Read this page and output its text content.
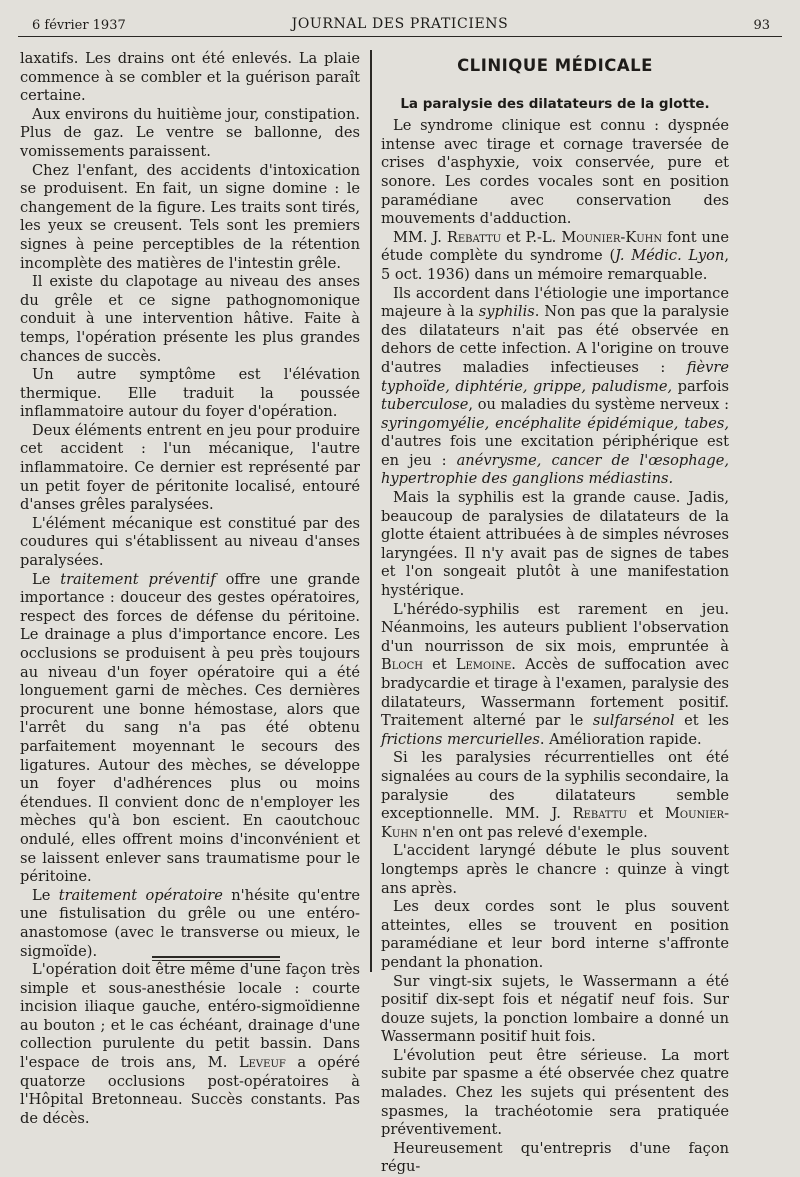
6 février 1937	JOURNAL DES PRATICIENS	93

laxatifs. Les drains ont été enlevés. La plaie commence à se combler et la guérison paraît certaine.

Aux environs du huitième jour, constipation. Plus de gaz. Le ventre se ballonne, des vomissements paraissent.

Chez l'enfant, des accidents d'intoxication se produisent. En fait, un signe domine : le changement de la figure. Les traits sont tirés, les yeux se creusent. Tels sont les premiers signes à peine perceptibles de la rétention incomplète des matières de l'intestin grêle.

Il existe du clapotage au niveau des anses du grêle et ce signe pathognomonique conduit à une intervention hâtive. Faite à temps, l'opération présente les plus grandes chances de succès.

Un autre symptôme est l'élévation thermique. Elle traduit la poussée inflammatoire autour du foyer d'opération.

Deux éléments entrent en jeu pour produire cet accident : l'un mécanique, l'autre inflammatoire. Ce dernier est représenté par un petit foyer de péritonite localisé, entouré d'anses grêles paralysées.

L'élément mécanique est constitué par des coudures qui s'établissent au niveau d'anses paralysées.

Le traitement préventif offre une grande importance : douceur des gestes opératoires, respect des forces de défense du péritoine. Le drainage a plus d'importance encore. Les occlusions se produisent à peu près toujours au niveau d'un foyer opératoire qui a été longuement garni de mèches. Ces dernières procurent une bonne hémostase, alors que l'arrêt du sang n'a pas été obtenu parfaitement moyennant le secours des ligatures. Autour des mèches, se développe un foyer d'adhérences plus ou moins étendues. Il convient donc de n'employer les mèches qu'à bon escient. En caoutchouc ondulé, elles offrent moins d'inconvénient et se laissent enlever sans traumatisme pour le péritoine.

Le traitement opératoire n'hésite qu'entre une fistulisation du grêle ou une entéro-anastomose (avec le transverse ou mieux, le sigmoïde).

L'opération doit être même d'une façon très simple et sous-anesthésie locale : courte incision iliaque gauche, entéro-sigmoïdienne au bouton ; et le cas échéant, drainage d'une collection purulente du petit bassin. Dans l'espace de trois ans, M. Leveuf a opéré quatorze occlusions post-opératoires à l'Hôpital Bretonneau. Succès constants. Pas de décès.

CLINIQUE MÉDICALE
La paralysie des dilatateurs de la glotte.

Le syndrome clinique est connu : dyspnée intense avec tirage et cornage traversée de crises d'asphyxie, voix conservée, pure et sonore. Les cordes vocales sont en position paramédiane avec conservation des mouvements d'adduction.

MM. J. Rebattu et P.-L. Mounier-Kuhn font une étude complète du syndrome (J. Médic. Lyon, 5 oct. 1936) dans un mémoire remarquable.

Ils accordent dans l'étiologie une importance majeure à la syphilis. Non pas que la paralysie des dilatateurs n'ait pas été observée en dehors de cette infection. A l'origine on trouve d'autres maladies infectieuses : fièvre typhoïde, diphtérie, grippe, paludisme, parfois tuberculose, ou maladies du système nerveux : syringomyélie, encéphalite épidémique, tabes, d'autres fois une excitation périphérique est en jeu : anévrysme, cancer de l'œsophage, hypertrophie des ganglions médiastins.

Mais la syphilis est la grande cause. Jadis, beaucoup de paralysies de dilatateurs de la glotte étaient attribuées à de simples névroses laryngées. Il n'y avait pas de signes de tabes et l'on songeait plutôt à une manifestation hystérique.

L'hérédo-syphilis est rarement en jeu. Néanmoins, les auteurs publient l'observation d'un nourrisson de six mois, empruntée à Bloch et Lemoine. Accès de suffocation avec bradycardie et tirage à l'examen, paralysie des dilatateurs, Wassermann fortement positif. Traitement alterné par le sulfarsénol et les frictions mercurielles. Amélioration rapide.

Si les paralysies récurrentielles ont été signalées au cours de la syphilis secondaire, la paralysie des dilatateurs semble exceptionnelle. MM. J. Rebattu et Mounier-Kuhn n'en ont pas relevé d'exemple.

L'accident laryngé débute le plus souvent longtemps après le chancre : quinze à vingt ans après.

Les deux cordes sont le plus souvent atteintes, elles se trouvent en position paramédiane et leur bord interne s'affronte pendant la phonation.

Sur vingt-six sujets, le Wassermann a été positif dix-sept fois et négatif neuf fois. Sur douze sujets, la ponction lombaire a donné un Wassermann positif huit fois.

L'évolution peut être sérieuse. La mort subite par spasme a été observée chez quatre malades. Chez les sujets qui présentent des spasmes, la trachéotomie sera pratiquée préventivement.

Heureusement qu'entrepris d'une façon régu-
